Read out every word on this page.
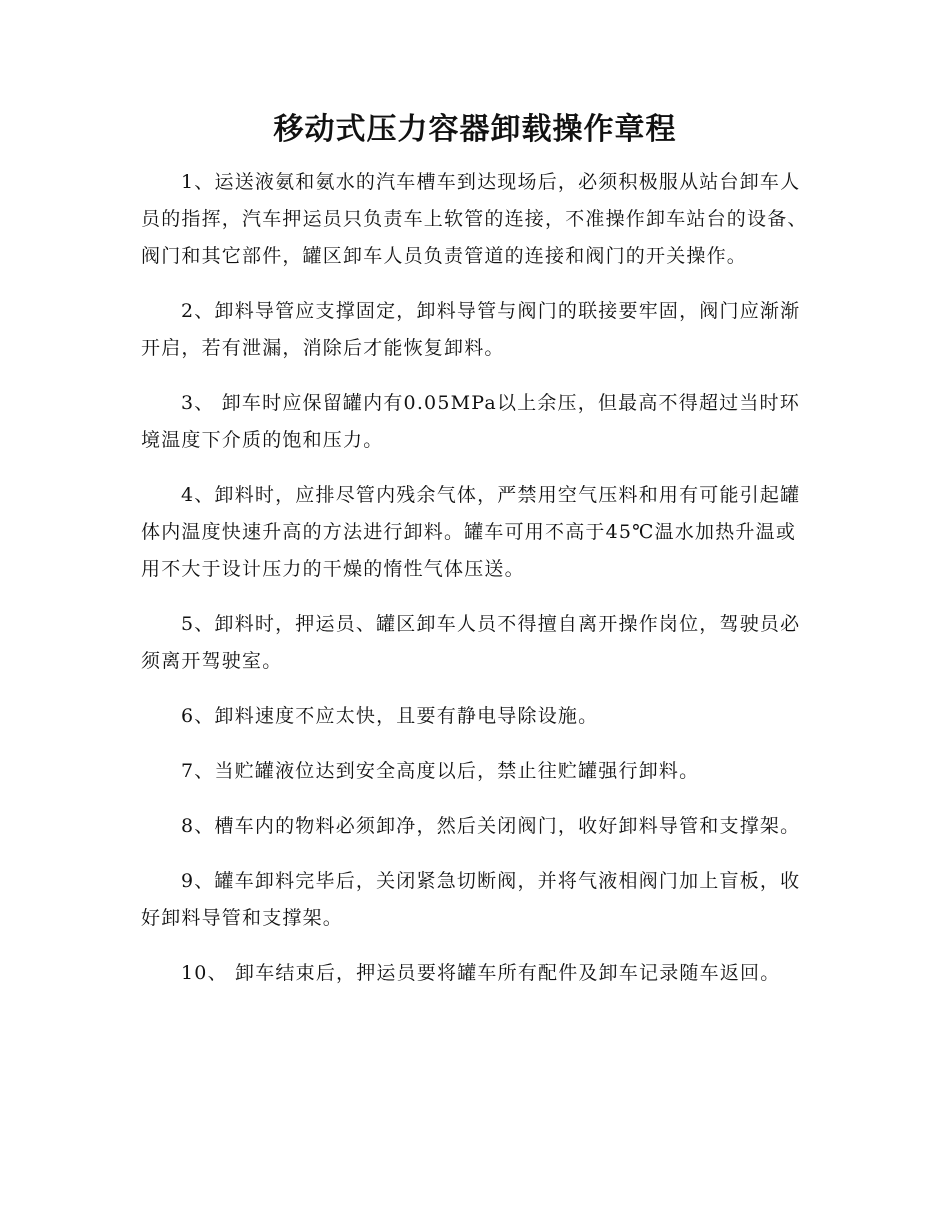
移动式压力容器卸载操作章程

1、运送液氨和氨水的汽车槽车到达现场后，必须积极服从站台卸车人员的指挥，汽车押运员只负责车上软管的连接，不准操作卸车站台的设备、阀门和其它部件，罐区卸车人员负责管道的连接和阀门的开关操作。

2、卸料导管应支撑固定，卸料导管与阀门的联接要牢固，阀门应渐渐开启，若有泄漏，消除后才能恢复卸料。

3、 卸车时应保留罐内有0.05MPa以上余压，但最高不得超过当时环境温度下介质的饱和压力。

4、卸料时，应排尽管内残余气体，严禁用空气压料和用有可能引起罐体内温度快速升高的方法进行卸料。罐车可用不高于45℃温水加热升温或用不大于设计压力的干燥的惰性气体压送。

5、卸料时，押运员、罐区卸车人员不得擅自离开操作岗位，驾驶员必须离开驾驶室。

6、卸料速度不应太快，且要有静电导除设施。

7、当贮罐液位达到安全高度以后，禁止往贮罐强行卸料。

8、槽车内的物料必须卸净，然后关闭阀门，收好卸料导管和支撑架。

9、罐车卸料完毕后，关闭紧急切断阀，并将气液相阀门加上盲板，收好卸料导管和支撑架。

10、 卸车结束后，押运员要将罐车所有配件及卸车记录随车返回。
